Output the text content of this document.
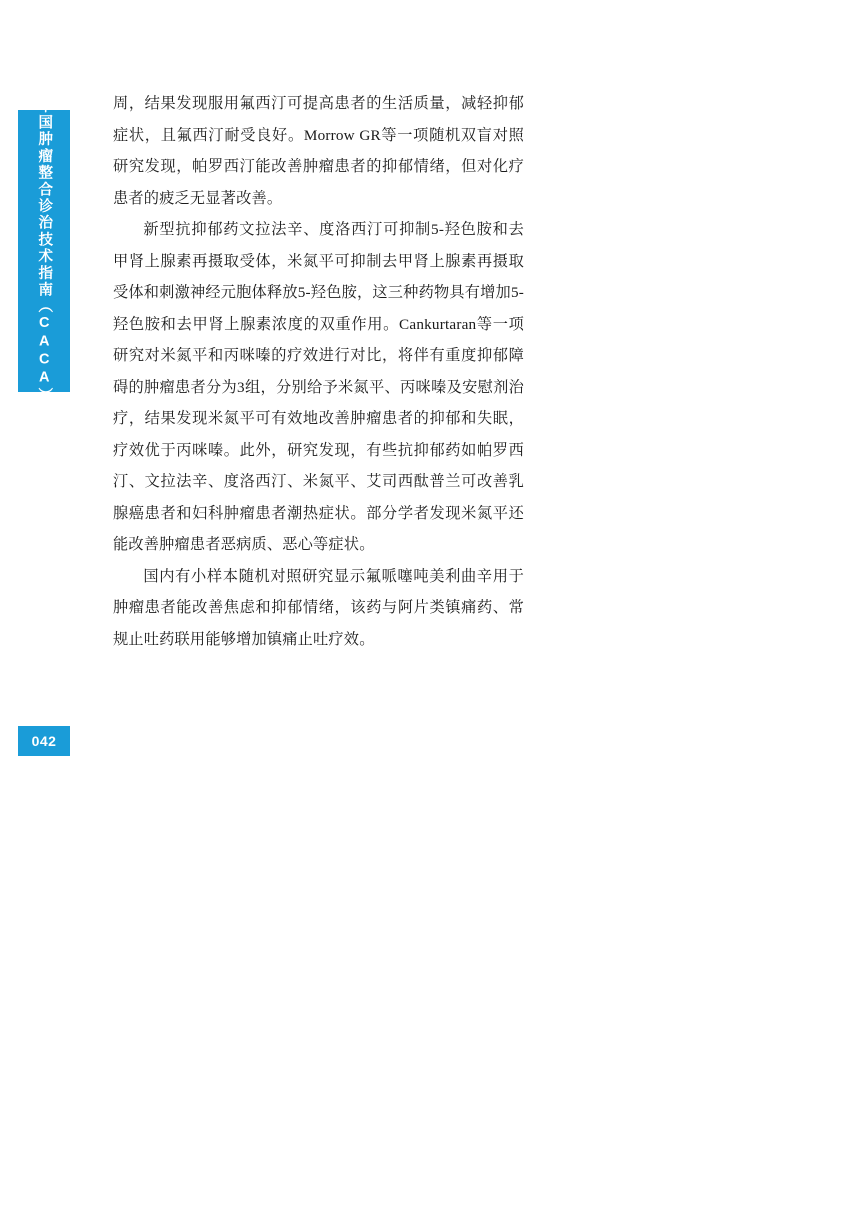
中国肿瘤整合诊治技术指南（CACA）
042

周，结果发现服用氟西汀可提高患者的生活质量，减轻抑郁症状，且氟西汀耐受良好。Morrow GR等一项随机双盲对照研究发现，帕罗西汀能改善肿瘤患者的抑郁情绪，但对化疗患者的疲乏无显著改善。

新型抗抑郁药文拉法辛、度洛西汀可抑制5-羟色胺和去甲肾上腺素再摄取受体，米氮平可抑制去甲肾上腺素再摄取受体和刺激神经元胞体释放5-羟色胺，这三种药物具有增加5-羟色胺和去甲肾上腺素浓度的双重作用。Cankurtaran等一项研究对米氮平和丙咪嗪的疗效进行对比，将伴有重度抑郁障碍的肿瘤患者分为3组，分别给予米氮平、丙咪嗪及安慰剂治疗，结果发现米氮平可有效地改善肿瘤患者的抑郁和失眠，疗效优于丙咪嗪。此外，研究发现，有些抗抑郁药如帕罗西汀、文拉法辛、度洛西汀、米氮平、艾司西酞普兰可改善乳腺癌患者和妇科肿瘤患者潮热症状。部分学者发现米氮平还能改善肿瘤患者恶病质、恶心等症状。

国内有小样本随机对照研究显示氟哌噻吨美利曲辛用于肿瘤患者能改善焦虑和抑郁情绪，该药与阿片类镇痛药、常规止吐药联用能够增加镇痛止吐疗效。
